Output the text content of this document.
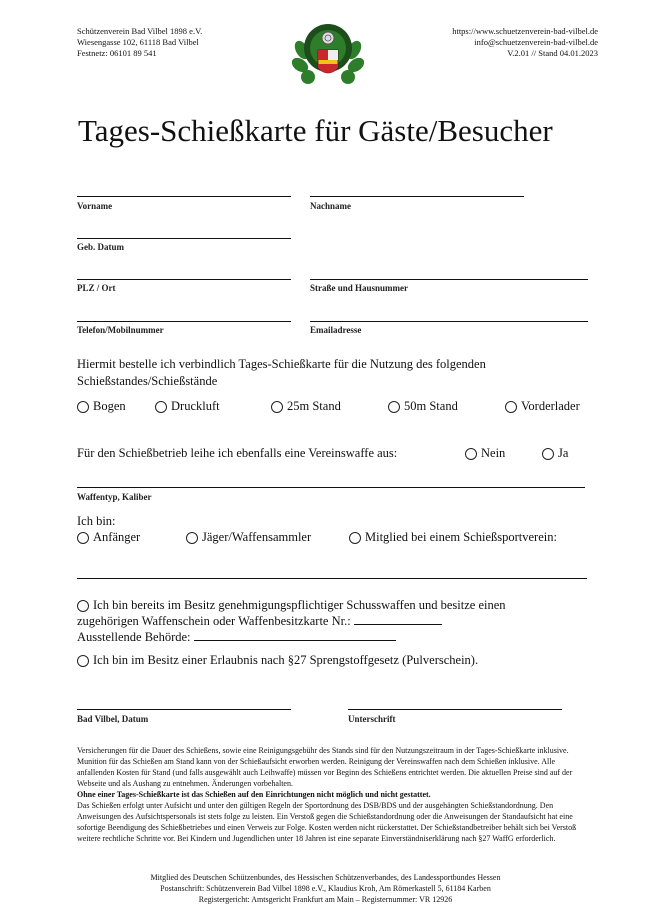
Schützenverein Bad Vilbel 1898 e.V.
Wiesengasse 102, 61118 Bad Vilbel
Festnetz: 06101 89 541
https://www.schuetzenverein-bad-vilbel.de
info@schuetzenverein-bad-vilbel.de
V.2.01 // Stand 04.01.2023
Tages-Schießkarte für Gäste/Besucher
Vorname	Nachname
Geb. Datum
PLZ / Ort	Straße und Hausnummer
Telefon/Mobilnummer	Emailadresse
Hiermit bestelle ich verbindlich Tages-Schießkarte für die Nutzung des folgenden
Schießstandes/Schießstände
Bogen	Druckluft	25m Stand	50m Stand	Vorderlader
Für den Schießbetrieb leihe ich ebenfalls eine Vereinswaffe aus:	Nein	Ja
Waffentyp, Kaliber
Ich bin:
Anfänger	Jäger/Waffensammler	Mitglied bei einem Schießsportverein:
Ich bin bereits im Besitz genehmigungspflichtiger Schusswaffen und besitze einen
zugehörigen Waffenschein oder Waffenbesitzkarte Nr.:
Ausstellende Behörde:
Ich bin im Besitz einer Erlaubnis nach §27 Sprengstoffgesetz (Pulverschein).
Bad Vilbel, Datum	Unterschrift
Versicherungen für die Dauer des Schießens, sowie eine Reinigungsgebühr des Stands sind für den Nutzungszeitraum in der Tages-Schießkarte inklusive. Munition für das Schießen am Stand kann von der Schießaufsicht erworben werden. Reinigung der Vereinswaffen nach dem Schießen inklusive. Alle anfallenden Kosten für Stand (und falls ausgewählt auch Leihwaffe) müssen vor Beginn des Schießens entrichtet werden. Die aktuellen Preise sind auf der Webseite und als Aushang zu entnehmen. Änderungen vorbehalten.
Ohne einer Tages-Schießkarte ist das Schießen auf den Einrichtungen nicht möglich und nicht gestattet.
Das Schießen erfolgt unter Aufsicht und unter den gültigen Regeln der Sportordnung des DSB/BDS und der ausgehängten Schießstandordnung. Den Anweisungen des Aufsichtspersonals ist stets folge zu leisten. Ein Verstoß gegen die Schießstandordnung oder die Anweisungen der Standaufsicht hat eine sofortige Beendigung des Schießbetriebes und einen Verweis zur Folge. Kosten werden nicht rückerstattet. Der Schießstandbetreiber behält sich bei Verstoß weitere rechtliche Schritte vor. Bei Kindern und Jugendlichen unter 18 Jahren ist eine separate Einverständniserklärung nach §27 WaffG erforderlich.
Mitglied des Deutschen Schützenbundes, des Hessischen Schützenverbandes, des Landessportbundes Hessen
Postanschrift: Schützenverein Bad Vilbel 1898 e.V., Klaudius Kroh, Am Römerkastell 5, 61184 Karben
Registergericht: Amtsgericht Frankfurt am Main – Registernummer: VR 12926
